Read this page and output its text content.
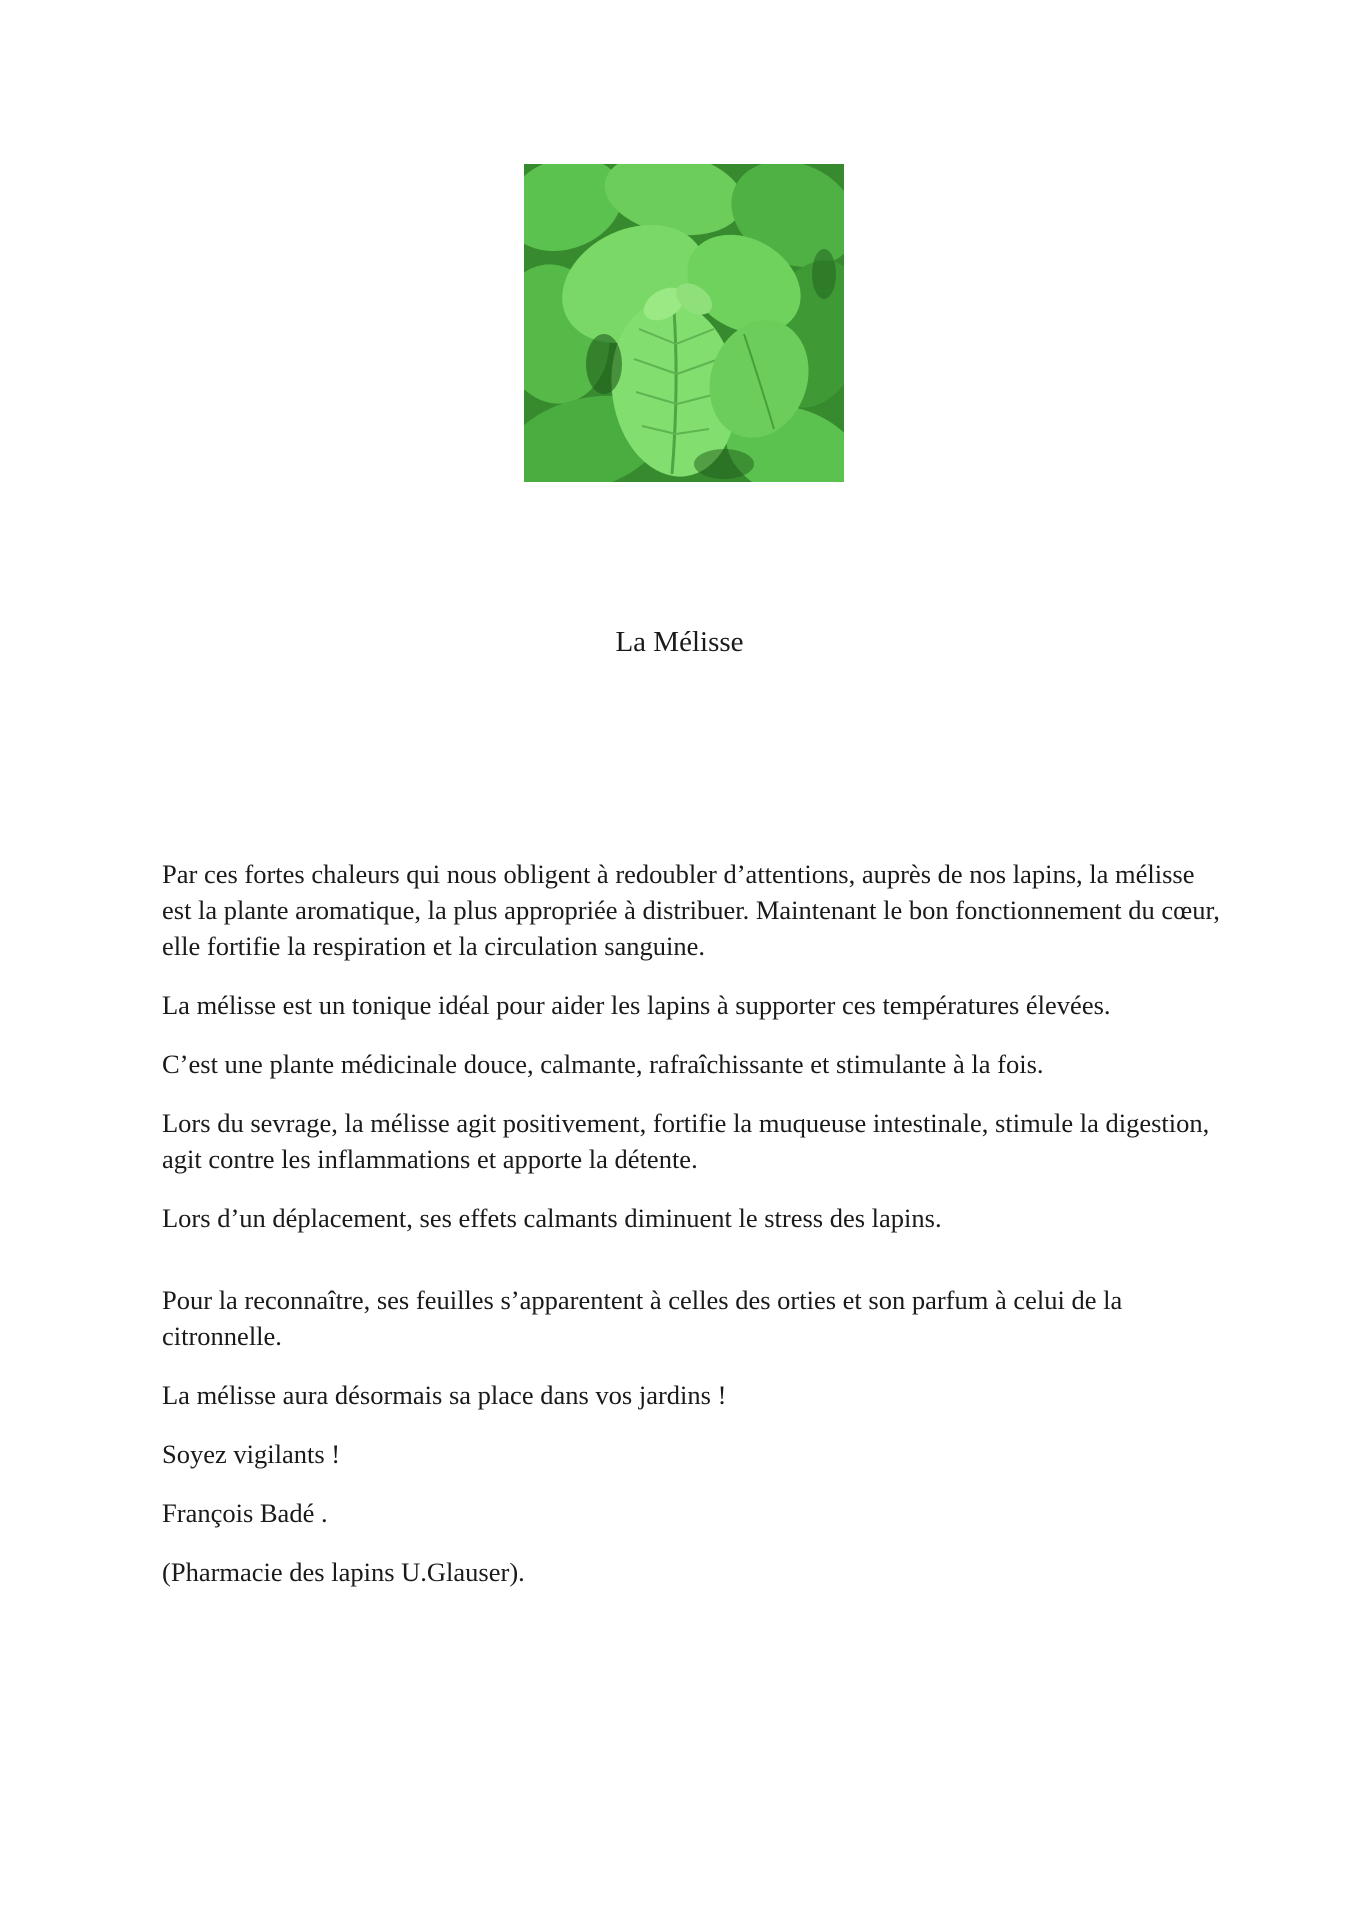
La Mélisse

Par ces fortes chaleurs qui nous obligent à redoubler d’attentions, auprès de nos lapins, la mélisse est la plante aromatique, la plus appropriée à distribuer. Maintenant le bon fonctionnement du cœur, elle fortifie la respiration et la circulation sanguine.

La mélisse est un tonique idéal pour aider les lapins à supporter ces températures élevées.

C’est une plante médicinale douce, calmante, rafraîchissante et stimulante à la fois.

Lors du sevrage, la mélisse agit positivement, fortifie la muqueuse intestinale, stimule la digestion, agit contre les inflammations et apporte la détente.

Lors d’un déplacement, ses effets calmants diminuent le stress des lapins.

Pour la reconnaître, ses feuilles s’apparentent à celles des orties et son parfum à celui de la citronnelle.

La mélisse aura désormais sa place dans vos jardins !

Soyez vigilants !

François Badé .

(Pharmacie des lapins U.Glauser).
